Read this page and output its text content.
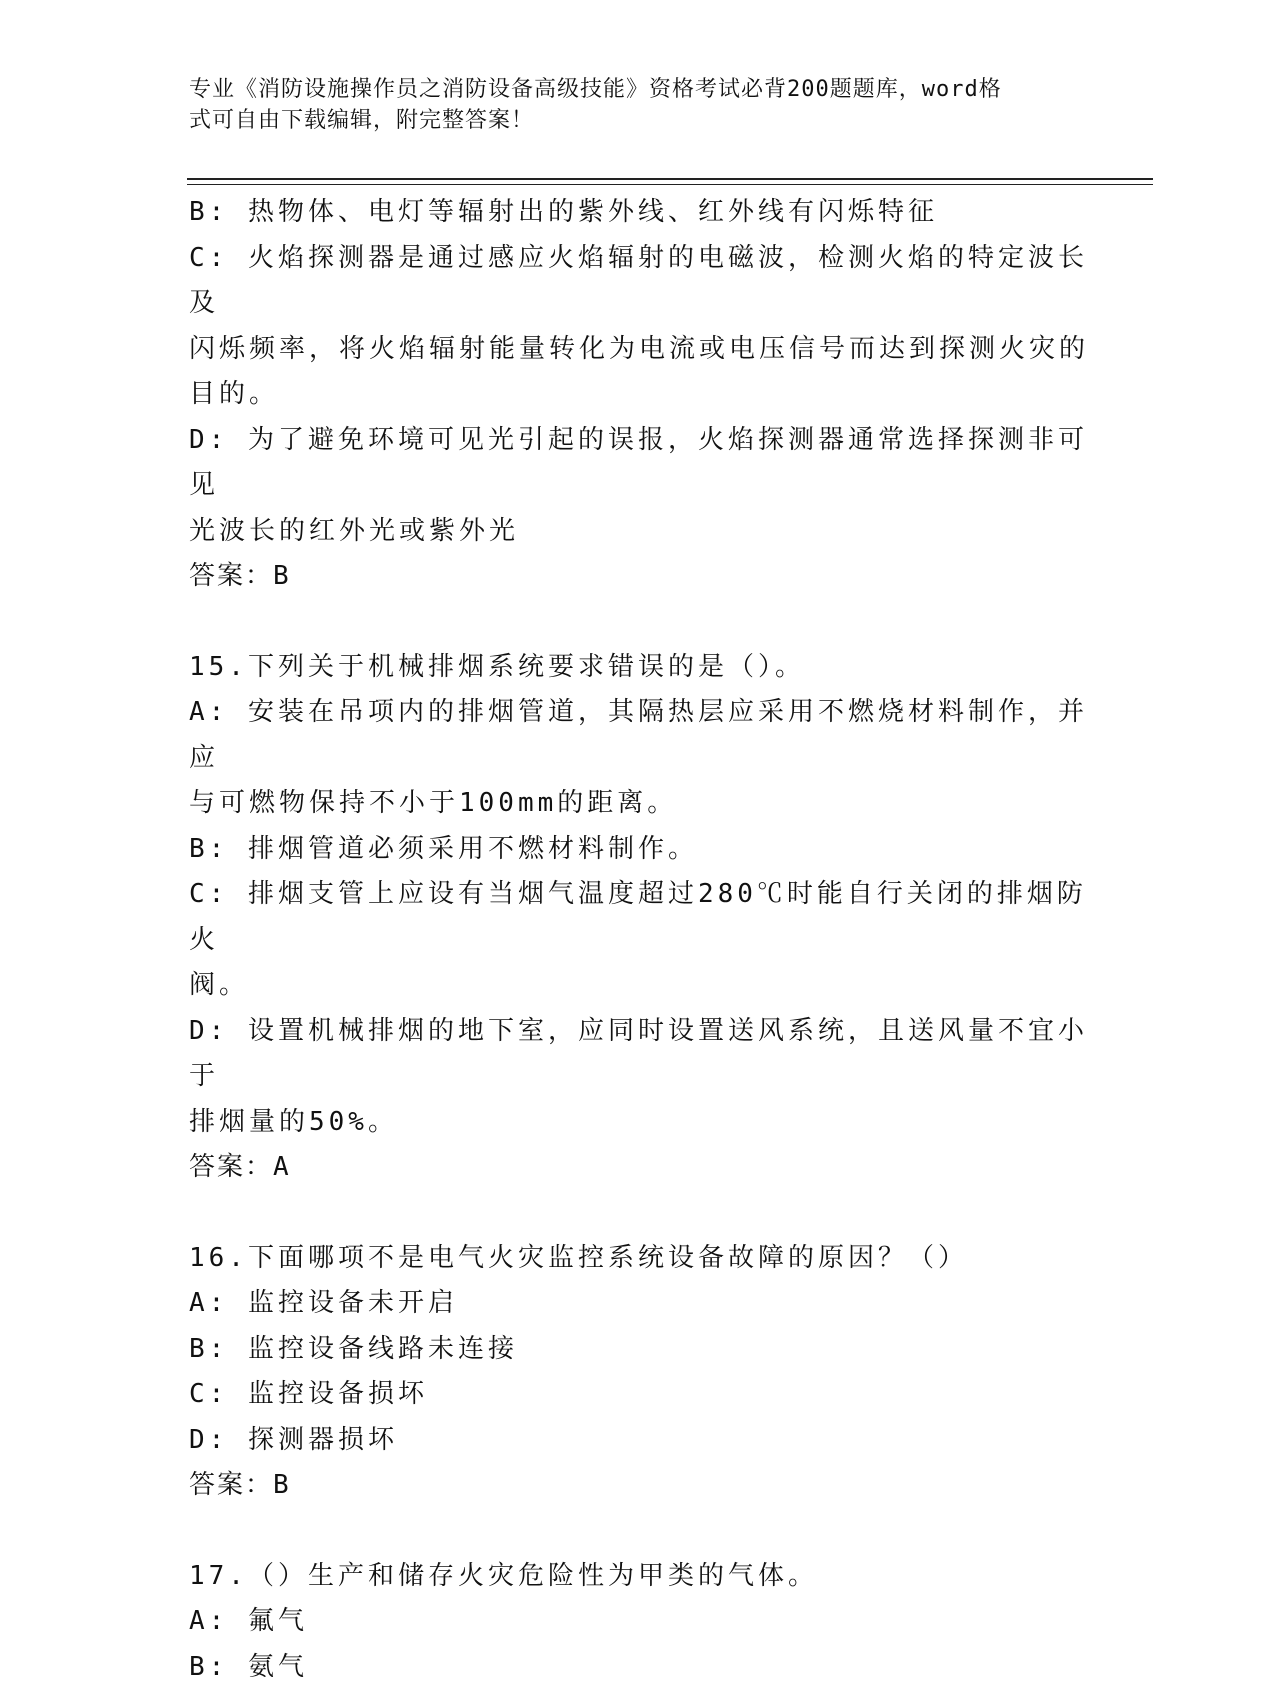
专业《消防设施操作员之消防设备高级技能》资格考试必背200题题库，word格
式可自由下载编辑，附完整答案！

B: 热物体、电灯等辐射出的紫外线、红外线有闪烁特征

C: 火焰探测器是通过感应火焰辐射的电磁波，检测火焰的特定波长及

闪烁频率，将火焰辐射能量转化为电流或电压信号而达到探测火灾的

目的。

D: 为了避免环境可见光引起的误报，火焰探测器通常选择探测非可见

光波长的红外光或紫外光

答案：B

15.下列关于机械排烟系统要求错误的是（）。

A: 安装在吊项内的排烟管道，其隔热层应采用不燃烧材料制作，并应

与可燃物保持不小于100mm的距离。

B: 排烟管道必须采用不燃材料制作。

C: 排烟支管上应设有当烟气温度超过280℃时能自行关闭的排烟防火

阀。

D: 设置机械排烟的地下室，应同时设置送风系统，且送风量不宜小于

排烟量的50%。

答案：A

16.下面哪项不是电气火灾监控系统设备故障的原因？（）

A: 监控设备未开启

B: 监控设备线路未连接

C: 监控设备损坏

D: 探测器损坏

答案：B

17.（）生产和储存火灾危险性为甲类的气体。

A: 氟气

B: 氨气
